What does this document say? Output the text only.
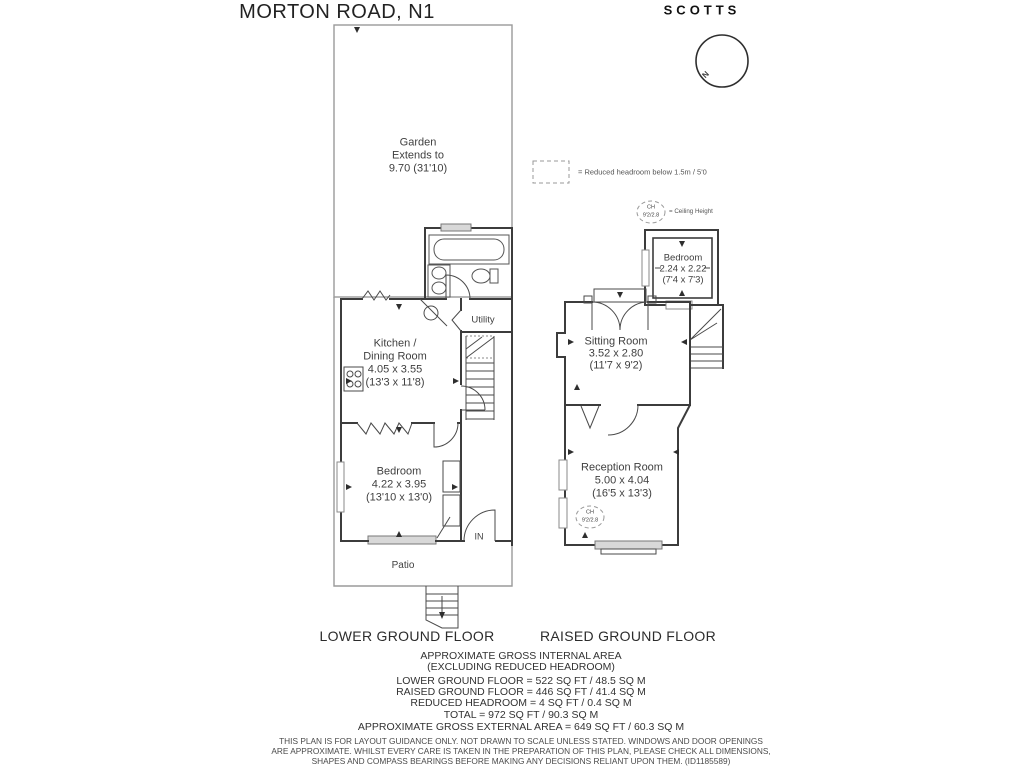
MORTON ROAD, N1	SCOTTS
N
Garden
Extends to
9.70 (31'10)	= Reduced headroom below 1.5m / 5'0
CH
9'2/2.8
= Ceiling Height
Kitchen /
Dining Room
4.05 x 3.55
(13'3 x 11'8)
Utility
Bedroom
4.22 x 3.95
(13'10 x 13'0)
Patio
IN
Bedroom
2.24 x 2.22
(7'4 x 7'3)
Sitting Room
3.52 x 2.80
(11'7 x 9'2)
Reception Room
5.00 x 4.04
(16'5 x 13'3)
CH
9'2/2.8
LOWER GROUND FLOOR	RAISED GROUND FLOOR
APPROXIMATE GROSS INTERNAL AREA
(EXCLUDING REDUCED HEADROOM)
LOWER GROUND FLOOR = 522 SQ FT / 48.5 SQ M
RAISED GROUND FLOOR = 446 SQ FT / 41.4 SQ M
REDUCED HEADROOM = 4 SQ FT / 0.4 SQ M
TOTAL = 972 SQ FT / 90.3 SQ M
APPROXIMATE GROSS EXTERNAL AREA = 649 SQ FT / 60.3 SQ M
THIS PLAN IS FOR LAYOUT GUIDANCE ONLY. NOT DRAWN TO SCALE UNLESS STATED. WINDOWS AND DOOR OPENINGS
ARE APPROXIMATE. WHILST EVERY CARE IS TAKEN IN THE PREPARATION OF THIS PLAN, PLEASE CHECK ALL DIMENSIONS,
SHAPES AND COMPASS BEARINGS BEFORE MAKING ANY DECISIONS RELIANT UPON THEM. (ID1185589)
